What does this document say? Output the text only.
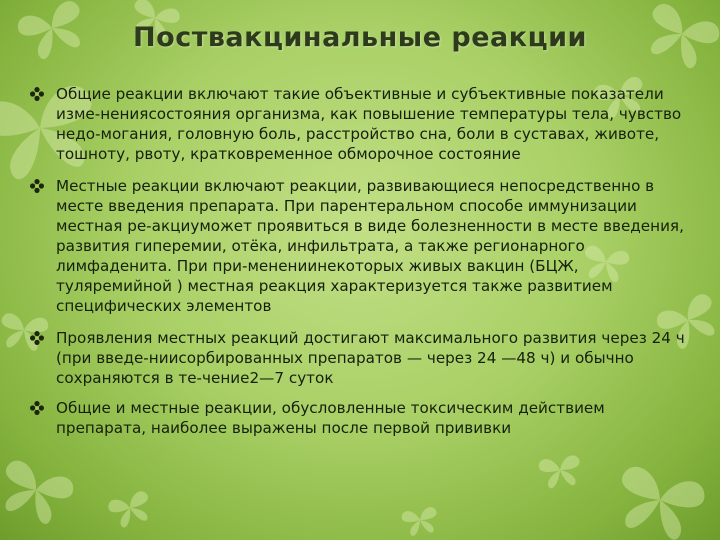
Поствакцинальные реакции
Общие реакции включают такие объективные и субъективные показатели изме-нениясостояния организма, как повышение температуры тела, чувство недо-могания, головную боль, расстройство сна, боли в суставах, животе, тошноту, рвоту, кратковременное обморочное состояние
Местные реакции включают реакции, развивающиеся непосредственно в месте введения препарата. При парентеральном способе иммунизации местная ре-акциуможет проявиться в виде болезненности в месте введения, развития гиперемии, отёка, инфильтрата, а также регионарного лимфаденита. При при-менениинекоторых живых вакцин (БЦЖ, туляремийной ) местная реакция характеризуется также развитием специфических элементов
Проявления местных реакций достигают максимального развития через 24 ч (при введе-ниисорбированных препаратов — через 24 —48 ч) и обычно сохраняются в те-чение2—7 суток
Общие и местные реакции, обусловленные токсическим действием препарата, наиболее выражены после первой прививки
